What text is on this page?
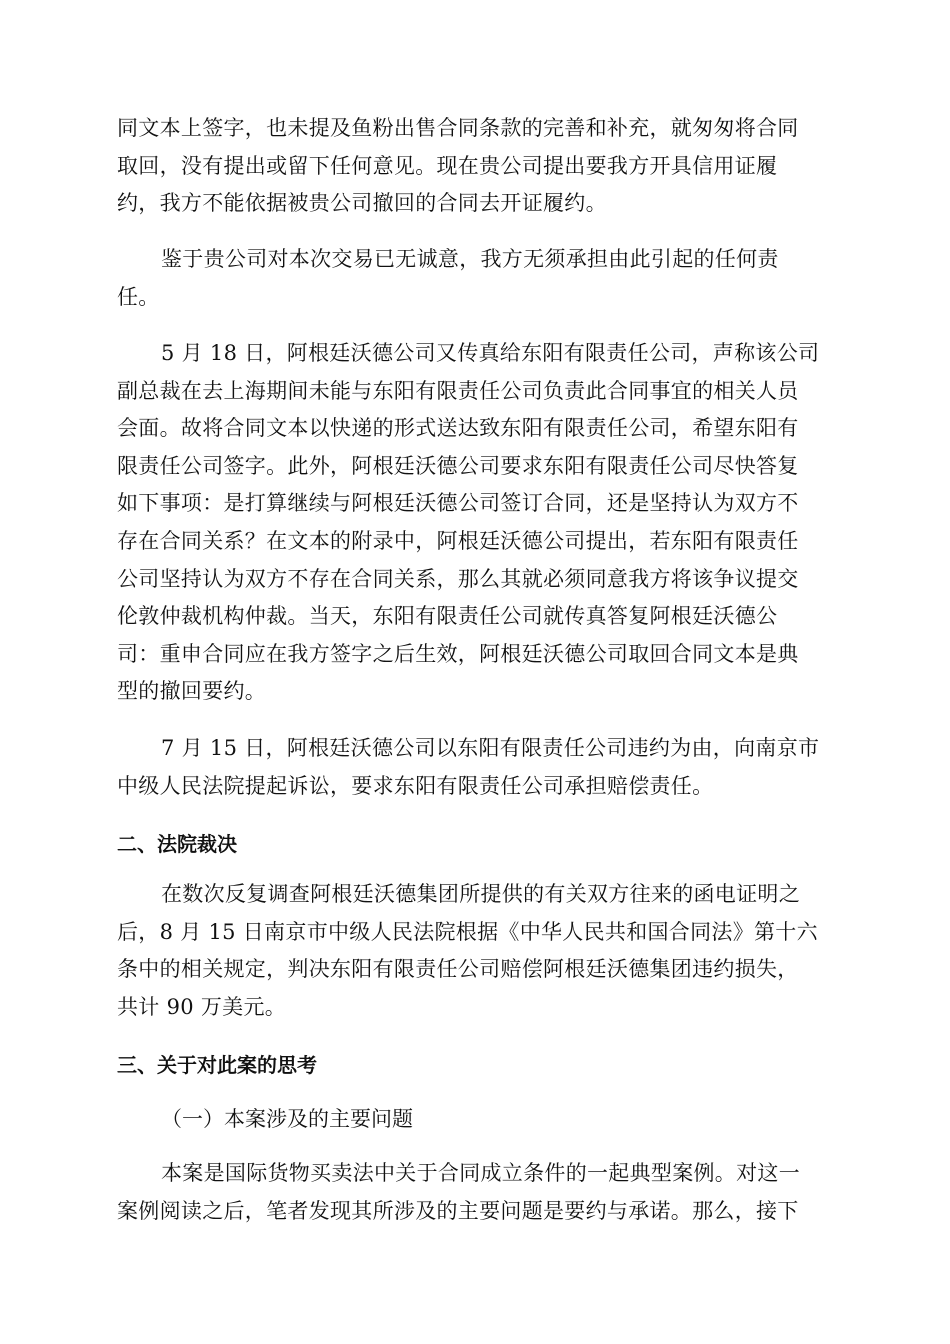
同文本上签字，也未提及鱼粉出售合同条款的完善和补充，就匆匆将合同
取回，没有提出或留下任何意见。现在贵公司提出要我方开具信用证履
约，我方不能依据被贵公司撤回的合同去开证履约。
鉴于贵公司对本次交易已无诚意，我方无须承担由此引起的任何责
任。
5 月 18 日，阿根廷沃德公司又传真给东阳有限责任公司，声称该公司
副总裁在去上海期间未能与东阳有限责任公司负责此合同事宜的相关人员
会面。故将合同文本以快递的形式送达致东阳有限责任公司，希望东阳有
限责任公司签字。此外，阿根廷沃德公司要求东阳有限责任公司尽快答复
如下事项：是打算继续与阿根廷沃德公司签订合同，还是坚持认为双方不
存在合同关系？在文本的附录中，阿根廷沃德公司提出，若东阳有限责任
公司坚持认为双方不存在合同关系，那么其就必须同意我方将该争议提交
伦敦仲裁机构仲裁。当天，东阳有限责任公司就传真答复阿根廷沃德公
司：重申合同应在我方签字之后生效，阿根廷沃德公司取回合同文本是典
型的撤回要约。
7 月 15 日，阿根廷沃德公司以东阳有限责任公司违约为由，向南京市
中级人民法院提起诉讼，要求东阳有限责任公司承担赔偿责任。
二、法院裁决
在数次反复调查阿根廷沃德集团所提供的有关双方往来的函电证明之
后，8 月 15 日南京市中级人民法院根据《中华人民共和国合同法》第十六
条中的相关规定，判决东阳有限责任公司赔偿阿根廷沃德集团违约损失，
共计 90 万美元。
三、关于对此案的思考
（一）本案涉及的主要问题
本案是国际货物买卖法中关于合同成立条件的一起典型案例。对这一
案例阅读之后，笔者发现其所涉及的主要问题是要约与承诺。那么，接下
